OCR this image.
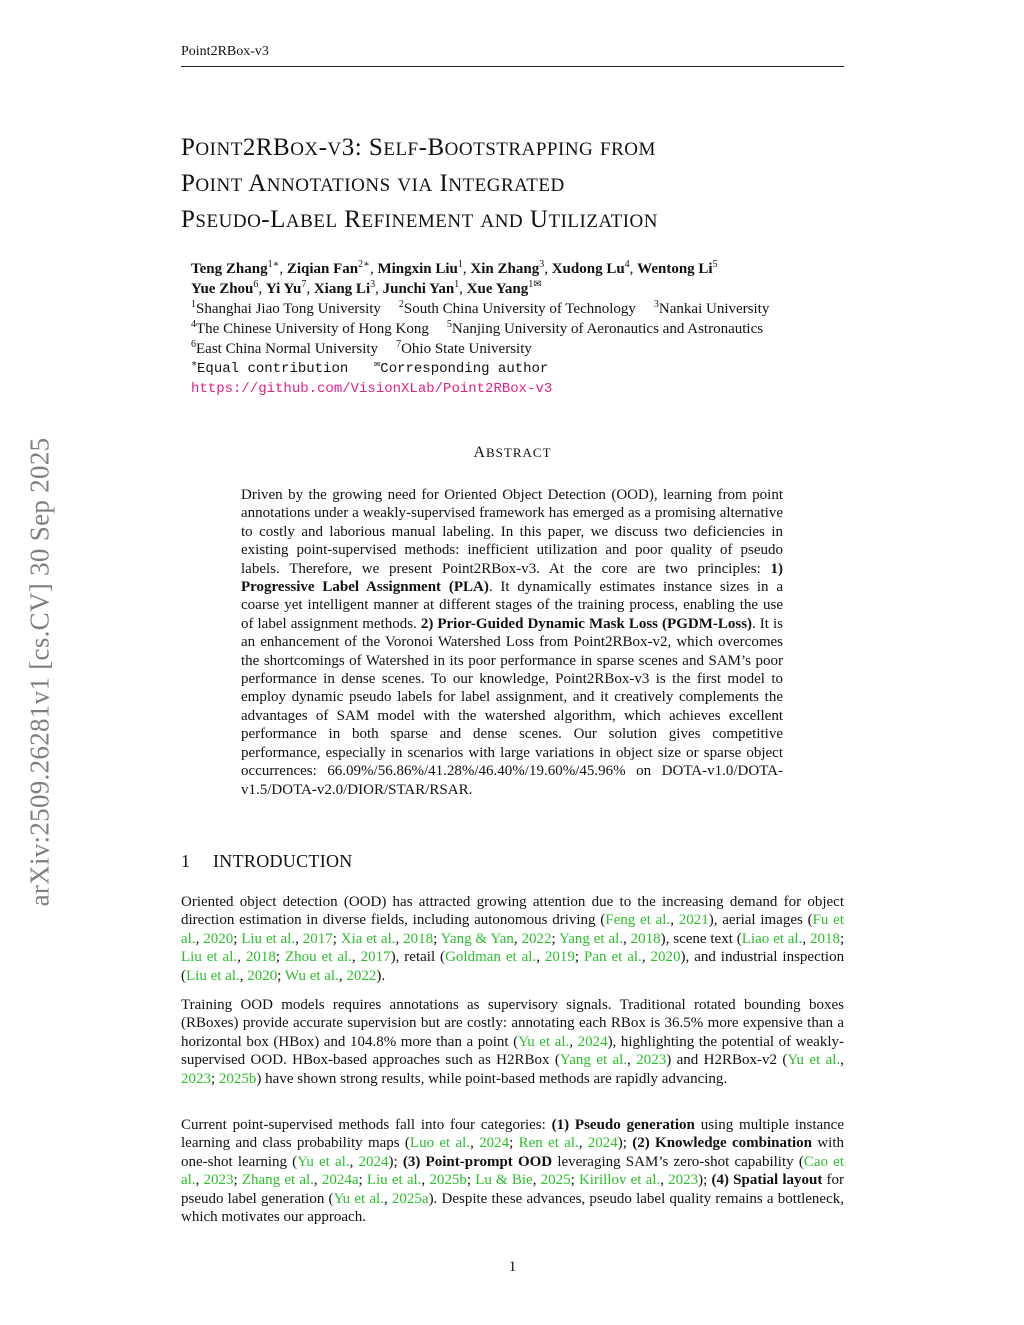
Point2RBox-v3
POINT2RBOX-V3: SELF-BOOTSTRAPPING FROM
POINT ANNOTATIONS VIA INTEGRATED
PSEUDO-LABEL REFINEMENT AND UTILIZATION
Teng Zhang$^{1∗}$, Ziqian Fan$^{2∗}$, Mingxin Liu$^1$, Xin Zhang$^3$, Xudong Lu$^4$, Wentong Li$^5$
Yue Zhou$^6$, Yi Yu$^7$, Xiang Li$^3$, Junchi Yan$^1$, Xue Yang$^{1✉}$
$^1$Shanghai Jiao Tong University $^2$South China University of Technology $^3$Nankai University
$^4$The Chinese University of Hong Kong $^5$Nanjing University of Aeronautics and Astronautics
$^6$East China Normal University $^7$Ohio State University
∗Equal contribution	✉Corresponding author
https://github.com/VisionXLab/Point2RBox-v3
arXiv:2509.26281v1 [cs.CV] 30 Sep 2025	ABSTRACT
Driven by the growing need for Oriented Object Detection (OOD), learning from point annotations under a weakly-supervised framework has emerged as a promising alternative to costly and laborious manual labeling. In this paper, we discuss two deficiencies in existing point-supervised methods: inefficient utilization and poor quality of pseudo labels. Therefore, we present Point2RBox-v3. At the core are two principles: 1) Progressive Label Assignment (PLA). It dynamically estimates instance sizes in a coarse yet intelligent manner at different stages of the training process, enabling the use of label assignment methods. 2) Prior-Guided Dynamic Mask Loss (PGDM-Loss). It is an enhancement of the Voronoi Watershed Loss from Point2RBox-v2, which overcomes the shortcomings of Watershed in its poor performance in sparse scenes and SAM’s poor performance in dense scenes. To our knowledge, Point2RBox-v3 is the first model to employ dynamic pseudo labels for label assignment, and it creatively complements the advantages of SAM model with the watershed algorithm, which achieves excellent performance in both sparse and dense scenes. Our solution gives competitive performance, especially in scenarios with large variations in object size or sparse object occurrences: 66.09%/56.86%/41.28%/46.40%/19.60%/45.96% on DOTA-v1.0/DOTA-v1.5/DOTA-v2.0/DIOR/STAR/RSAR.
1 INTRODUCTION
Oriented object detection (OOD) has attracted growing attention due to the increasing demand for object direction estimation in diverse fields, including autonomous driving (Feng et al., 2021), aerial images (Fu et al., 2020; Liu et al., 2017; Xia et al., 2018; Yang & Yan, 2022; Yang et al., 2018), scene text (Liao et al., 2018; Liu et al., 2018; Zhou et al., 2017), retail (Goldman et al., 2019; Pan et al., 2020), and industrial inspection (Liu et al., 2020; Wu et al., 2022).
Training OOD models requires annotations as supervisory signals. Traditional rotated bounding boxes (RBoxes) provide accurate supervision but are costly: annotating each RBox is 36.5% more expensive than a horizontal box (HBox) and 104.8% more than a point (Yu et al., 2024), highlighting the potential of weakly-supervised OOD. HBox-based approaches such as H2RBox (Yang et al., 2023) and H2RBox-v2 (Yu et al., 2023; 2025b) have shown strong results, while point-based methods are rapidly advancing.
Current point-supervised methods fall into four categories: (1) Pseudo generation using multiple instance learning and class probability maps (Luo et al., 2024; Ren et al., 2024); (2) Knowledge combination with one-shot learning (Yu et al., 2024); (3) Point-prompt OOD leveraging SAM’s zero-shot capability (Cao et al., 2023; Zhang et al., 2024a; Liu et al., 2025b; Lu & Bie, 2025; Kirillov et al., 2023); (4) Spatial layout for pseudo label generation (Yu et al., 2025a). Despite these advances, pseudo label quality remains a bottleneck, which motivates our approach.
1
